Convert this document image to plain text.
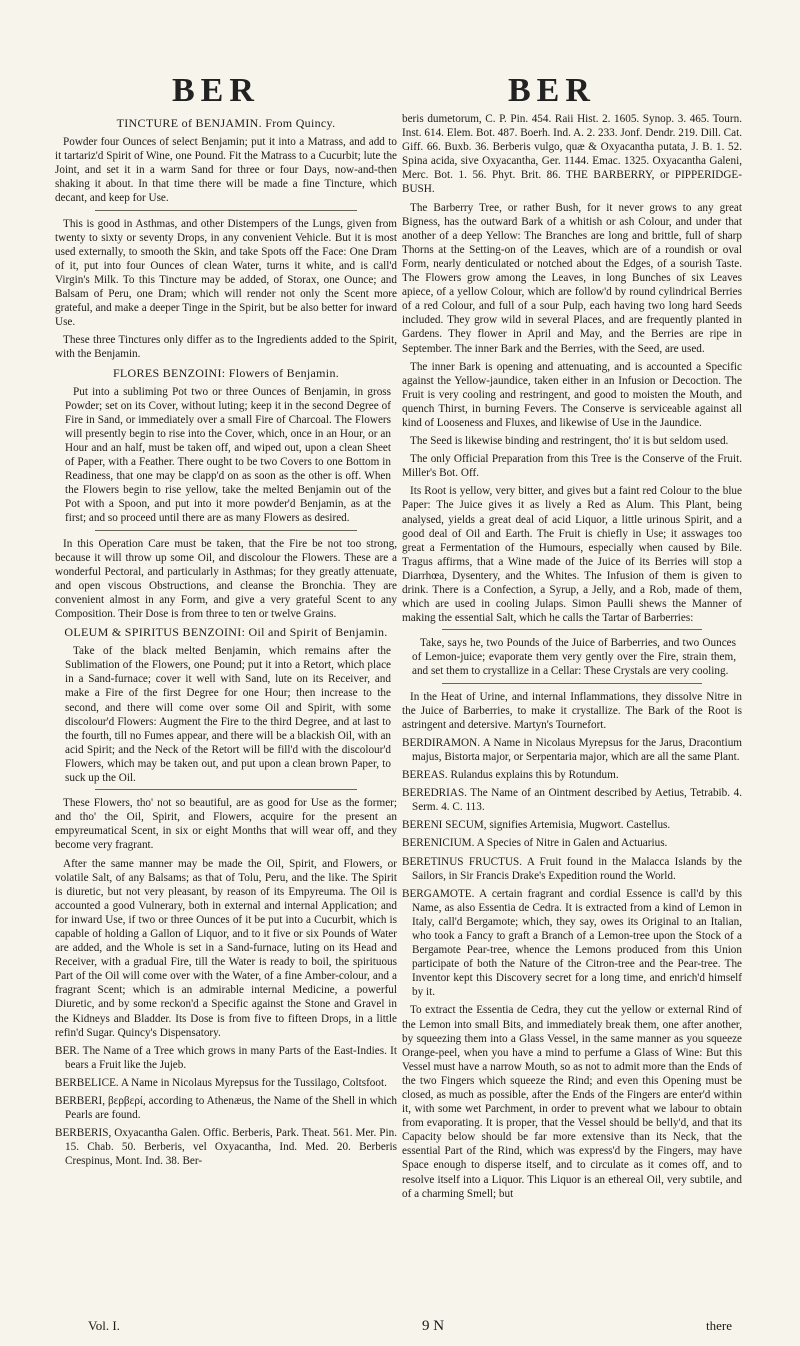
BER	BER
TINCTURE of BENJAMIN. From Quincy.

Powder four Ounces of select Benjamin; put it into a Matrass, and add to it tartariz'd Spirit of Wine, one Pound. Fit the Matrass to a Cucurbit; lute the Joint, and set it in a warm Sand for three or four Days, now-and-then shaking it about. In that time there will be made a fine Tincture, which decant, and keep for Use.

This is good in Asthmas, and other Distempers of the Lungs, given from twenty to sixty or seventy Drops, in any convenient Vehicle. But it is most used externally, to smooth the Skin, and take Spots off the Face: One Dram of it, put into four Ounces of clean Water, turns it white, and is call'd Virgin's Milk. To this Tincture may be added, of Storax, one Ounce; and Balsam of Peru, one Dram; which will render not only the Scent more grateful, and make a deeper Tinge in the Spirit, but be also better for inward Use.

These three Tinctures only differ as to the Ingredients added to the Spirit, with the Benjamin.

FLORES BENZOINI: Flowers of Benjamin.

Put into a subliming Pot two or three Ounces of Benjamin, in gross Powder; set on its Cover, without luting; keep it in the second Degree of Fire in Sand, or immediately over a small Fire of Charcoal. The Flowers will presently begin to rise into the Cover, which, once in an Hour, or an Hour and an half, must be taken off, and wiped out, upon a clean Sheet of Paper, with a Feather. There ought to be two Covers to one Bottom in Readiness, that one may be clapp'd on as soon as the other is off. When the Flowers begin to rise yellow, take the melted Benjamin out of the Pot with a Spoon, and put into it more powder'd Benjamin, as at the first; and so proceed until there are as many Flowers as desired.

In this Operation Care must be taken, that the Fire be not too strong, because it will throw up some Oil, and discolour the Flowers. These are a wonderful Pectoral, and particularly in Asthmas; for they greatly attenuate, and open viscous Obstructions, and cleanse the Bronchia. They are convenient almost in any Form, and give a very grateful Scent to any Composition. Their Dose is from three to ten or twelve Grains.

OLEUM & SPIRITUS BENZOINI: Oil and Spirit of Benjamin.

Take of the black melted Benjamin, which remains after the Sublimation of the Flowers, one Pound; put it into a Retort, which place in a Sand-furnace; cover it well with Sand, lute on its Receiver, and make a Fire of the first Degree for one Hour; then increase to the second, and there will come over some Oil and Spirit, with some discolour'd Flowers: Augment the Fire to the third Degree, and at last to the fourth, till no Fumes appear, and there will be a blackish Oil, with an acid Spirit; and the Neck of the Retort will be fill'd with the discolour'd Flowers, which may be taken out, and put upon a clean brown Paper, to suck up the Oil.

These Flowers, tho' not so beautiful, are as good for Use as the former; and tho' the Oil, Spirit, and Flowers, acquire for the present an empyreumatical Scent, in six or eight Months that will wear off, and they become very fragrant.

After the same manner may be made the Oil, Spirit, and Flowers, or volatile Salt, of any Balsams; as that of Tolu, Peru, and the like. The Spirit is diuretic, but not very pleasant, by reason of its Empyreuma. The Oil is accounted a good Vulnerary, both in external and internal Application; and for inward Use, if two or three Ounces of it be put into a Cucurbit, which is capable of holding a Gallon of Liquor, and to it five or six Pounds of Water are added, and the Whole is set in a Sand-furnace, luting on its Head and Receiver, with a gradual Fire, till the Water is ready to boil, the spirituous Part of the Oil will come over with the Water, of a fine Amber-colour, and a fragrant Scent; which is an admirable internal Medicine, a powerful Diuretic, and by some reckon'd a Specific against the Stone and Gravel in the Kidneys and Bladder. Its Dose is from five to fifteen Drops, in a little refin'd Sugar. Quincy's Dispensatory.

BER. The Name of a Tree which grows in many Parts of the East-Indies. It bears a Fruit like the Jujeb.

BERBELICE. A Name in Nicolaus Myrepsus for the Tussilago, Coltsfoot.

BERBERI, βερβερί, according to Athenæus, the Name of the Shell in which Pearls are found.

BERBERIS, Oxyacantha Galen. Offic. Berberis, Park. Theat. 561. Mer. Pin. 15. Chab. 50. Berberis, vel Oxyacantha, Ind. Med. 20. Berberis Crespinus, Mont. Ind. 38. Ber-

beris dumetorum, C. P. Pin. 454. Raii Hist. 2. 1605. Synop. 3. 465. Tourn. Inst. 614. Elem. Bot. 487. Boerh. Ind. A. 2. 233. Jonf. Dendr. 219. Dill. Cat. Giff. 66. Buxb. 36. Berberis vulgo, quæ & Oxyacantha putata, J. B. 1. 52. Spina acida, sive Oxyacantha, Ger. 1144. Emac. 1325. Oxyacantha Galeni, Merc. Bot. 1. 56. Phyt. Brit. 86. THE BARBERRY, or PIPPERIDGE-BUSH.

The Barberry Tree, or rather Bush, for it never grows to any great Bigness, has the outward Bark of a whitish or ash Colour, and under that another of a deep Yellow: The Branches are long and brittle, full of sharp Thorns at the Setting-on of the Leaves, which are of a roundish or oval Form, nearly denticulated or notched about the Edges, of a sourish Taste. The Flowers grow among the Leaves, in long Bunches of six Leaves apiece, of a yellow Colour, which are follow'd by round cylindrical Berries of a red Colour, and full of a sour Pulp, each having two long hard Seeds included. They grow wild in several Places, and are frequently planted in Gardens. They flower in April and May, and the Berries are ripe in September. The inner Bark and the Berries, with the Seed, are used.

The inner Bark is opening and attenuating, and is accounted a Specific against the Yellow-jaundice, taken either in an Infusion or Decoction. The Fruit is very cooling and restringent, and good to moisten the Mouth, and quench Thirst, in burning Fevers. The Conserve is serviceable against all kind of Looseness and Fluxes, and likewise of Use in the Jaundice.

The Seed is likewise binding and restringent, tho' it is but seldom used.

The only Official Preparation from this Tree is the Conserve of the Fruit. Miller's Bot. Off.

Its Root is yellow, very bitter, and gives but a faint red Colour to the blue Paper: The Juice gives it as lively a Red as Alum. This Plant, being analysed, yields a great deal of acid Liquor, a little urinous Spirit, and a good deal of Oil and Earth. The Fruit is chiefly in Use; it asswages too great a Fermentation of the Humours, especially when caused by Bile. Tragus affirms, that a Wine made of the Juice of its Berries will stop a Diarrhœa, Dysentery, and the Whites. The Infusion of them is given to drink. There is a Confection, a Syrup, a Jelly, and a Rob, made of them, which are used in cooling Julaps. Simon Paulli shews the Manner of making the essential Salt, which he calls the Tartar of Barberries:

Take, says he, two Pounds of the Juice of Barberries, and two Ounces of Lemon-juice; evaporate them very gently over the Fire, strain them, and set them to crystallize in a Cellar: These Crystals are very cooling.

In the Heat of Urine, and internal Inflammations, they dissolve Nitre in the Juice of Barberries, to make it crystallize. The Bark of the Root is astringent and detersive. Martyn's Tournefort.

BERDIRAMON. A Name in Nicolaus Myrepsus for the Jarus, Dracontium majus, Bistorta major, or Serpentaria major, which are all the same Plant.

BEREAS. Rulandus explains this by Rotundum.

BEREDRIAS. The Name of an Ointment described by Aetius, Tetrabib. 4. Serm. 4. C. 113.

BERENI SECUM, signifies Artemisia, Mugwort. Castellus.

BERENICIUM. A Species of Nitre in Galen and Actuarius.

BERETINUS FRUCTUS. A Fruit found in the Malacca Islands by the Sailors, in Sir Francis Drake's Expedition round the World.

BERGAMOTE. A certain fragrant and cordial Essence is call'd by this Name, as also Essentia de Cedra. It is extracted from a kind of Lemon in Italy, call'd Bergamote; which, they say, owes its Original to an Italian, who took a Fancy to graft a Branch of a Lemon-tree upon the Stock of a Bergamote Pear-tree, whence the Lemons produced from this Union participate of both the Nature of the Citron-tree and the Pear-tree. The Inventor kept this Discovery secret for a long time, and enrich'd himself by it.

To extract the Essentia de Cedra, they cut the yellow or external Rind of the Lemon into small Bits, and immediately break them, one after another, by squeezing them into a Glass Vessel, in the same manner as you squeeze Orange-peel, when you have a mind to perfume a Glass of Wine: But this Vessel must have a narrow Mouth, so as not to admit more than the Ends of the two Fingers which squeeze the Rind; and even this Opening must be closed, as much as possible, after the Ends of the Fingers are enter'd within it, with some wet Parchment, in order to prevent what we labour to obtain from evaporating. It is proper, that the Vessel should be belly'd, and that its Capacity below should be far more extensive than its Neck, that the essential Part of the Rind, which was express'd by the Fingers, may have Space enough to disperse itself, and to circulate as it comes off, and to resolve itself into a Liquor. This Liquor is an ethereal Oil, very subtile, and of a charming Smell; but

Vol. I.	9 N	there
